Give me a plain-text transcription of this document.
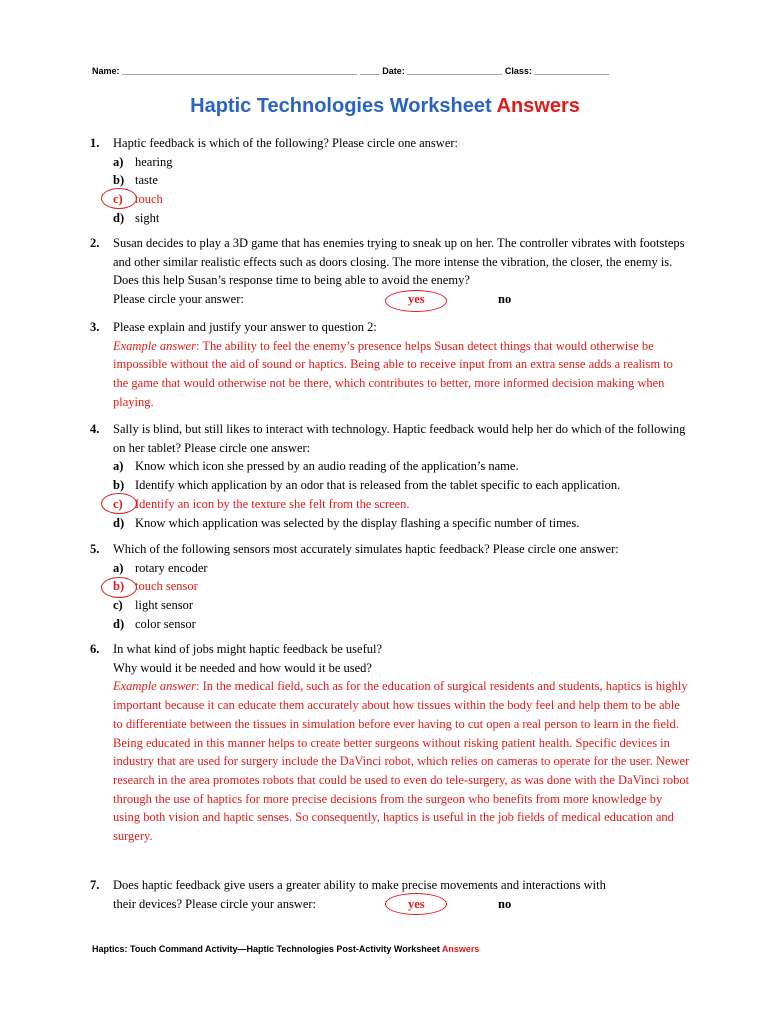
Name: _______________________________________________ ____ Date: ___________________ Class: _______________
Haptic Technologies Worksheet Answers
1. Haptic feedback is which of the following? Please circle one answer:
a) hearing
b) taste
c) touch
d) sight
2. Susan decides to play a 3D game that has enemies trying to sneak up on her. The controller vibrates with footsteps and other similar realistic effects such as doors closing. The more intense the vibration, the closer, the enemy is. Does this help Susan’s response time to being able to avoid the enemy?
Please circle your answer:	yes	no
3. Please explain and justify your answer to question 2:
Example answer: The ability to feel the enemy’s presence helps Susan detect things that would otherwise be impossible without the aid of sound or haptics. Being able to receive input from an extra sense adds a realism to the game that would otherwise not be there, which contributes to better, more informed decision making when playing.
4. Sally is blind, but still likes to interact with technology. Haptic feedback would help her do which of the following on her tablet? Please circle one answer:
a) Know which icon she pressed by an audio reading of the application’s name.
b) Identify which application by an odor that is released from the tablet specific to each application.
c) Identify an icon by the texture she felt from the screen.
d) Know which application was selected by the display flashing a specific number of times.
5. Which of the following sensors most accurately simulates haptic feedback? Please circle one answer:
a) rotary encoder
b) touch sensor
c) light sensor
d) color sensor
6. In what kind of jobs might haptic feedback be useful?
Why would it be needed and how would it be used?
Example answer: In the medical field, such as for the education of surgical residents and students, haptics is highly important because it can educate them accurately about how tissues within the body feel and help them to be able to differentiate between the tissues in simulation before ever having to cut open a real person to learn in the field. Being educated in this manner helps to create better surgeons without risking patient health. Specific devices in industry that are used for surgery include the DaVinci robot, which relies on cameras to operate for the user. Newer research in the area promotes robots that could be used to even do tele-surgery, as was done with the DaVinci robot through the use of haptics for more precise decisions from the surgeon who benefits from more knowledge by using both vision and haptic senses. So consequently, haptics is useful in the job fields of medical education and surgery.
7. Does haptic feedback give users a greater ability to make precise movements and interactions with
their devices? Please circle your answer:	yes	no
Haptics: Touch Command Activity—Haptic Technologies Post-Activity Worksheet Answers
